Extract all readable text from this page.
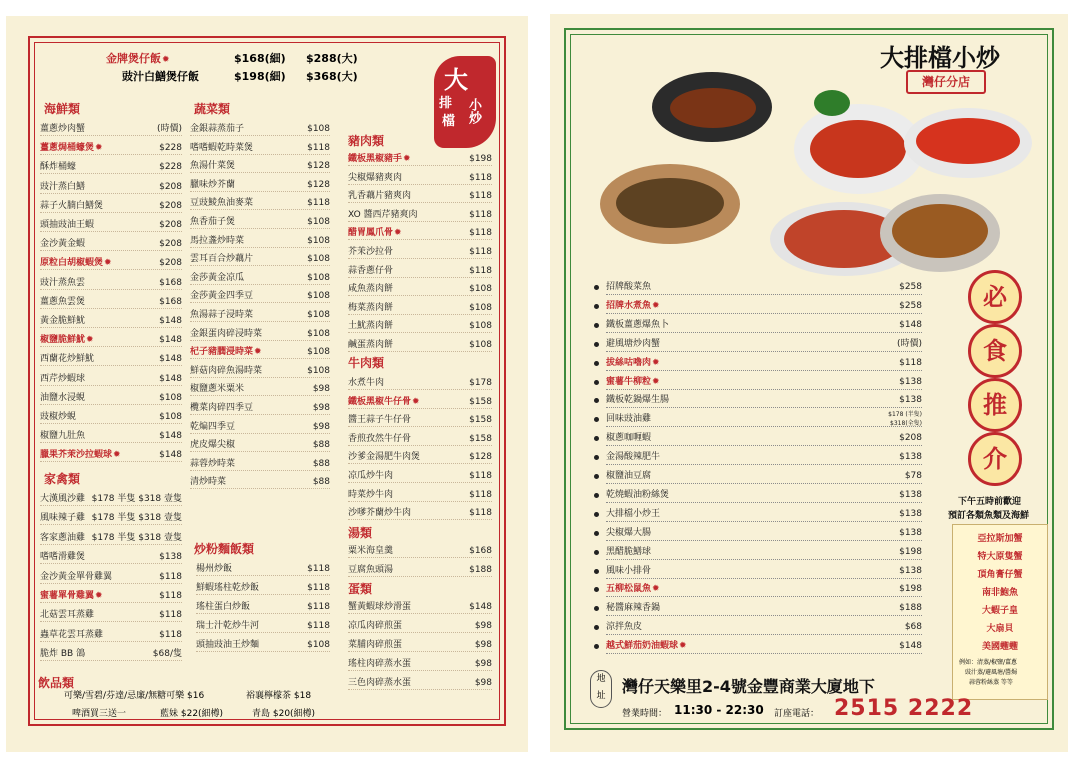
金牌煲仔飯✹	$168(細) $288(大)
豉汁白鱔煲仔飯	$198(細) $368(大)	大
排
檔 小炒
海鮮類
薑蔥炒肉蟹	(時價)
薑蔥焗桶蠔煲✹	$228
酥炸桶蠔	$228
豉汁蒸白鱔	$208
蒜子火腩白鱔煲	$208
頭抽豉油王蝦	$208
金沙黃金蝦	$208
原粒白胡椒蝦煲✹	$208
豉汁蒸魚雲	$168
薑蔥魚雲煲	$168
黃金脆鮮魷	$148
椒鹽脆鮮魷✹	$148
西蘭花炒鮮魷	$148
西芹炒蝦球	$148
油鹽水浸蜆	$108
豉椒炒蜆	$108
椒鹽九肚魚	$148
臘果芥茉沙拉蝦球✹	$148
家禽類
大漢風沙雞 $178 半隻 $318 壹隻
風味辣子雞 $178 半隻 $318 壹隻
客家蔥油雞 $178 半隻 $318 壹隻
嗜嗜滑雞煲	$138
金沙黃金單骨雞翼	$118
蜜薯單骨雞翼✹	$118
北菇雲耳蒸雞	$118
蟲草花雲耳蒸雞	$118
脆炸 BB 鴿	$68/隻
飲品類
可樂/雪碧/芬達/忌廉/無糖可樂 $16	裕襄檸檬茶 $18
啤酒買三送一	藍妹 $22(細樽)	青島 $20(細樽)
蔬菜類
金銀蒜蒸茄子	$108
嗜嗜蝦乾時菜煲	$118
魚湯什菜煲	$128
臘味炒芥蘭	$128
豆豉鯪魚油麥菜	$118
魚香茄子煲	$108
馬拉盞炒時菜	$108
雲耳百合炒藕片	$108
金莎黃金凉瓜	$108
金莎黃金四季豆	$108
魚湯蒜子浸時菜	$108
金銀蛋肉碎浸時菜	$108
杞子豬膶浸時菜✹	$108
鮮菇肉碎魚湯時菜	$108
椒鹽蔥米粟米	$98
欖菜肉碎四季豆	$98
乾煸四季豆	$98
虎皮爆尖椒	$88
蒜蓉炒時菜	$88
清炒時菜	$88
炒粉麵飯類
楊州炒飯	$118
鮮蝦瑤柱乾炒飯	$118
瑤柱蛋白炒飯	$118
瑞士汁乾炒牛河	$118
頭抽豉油王炒麵	$108
豬肉類
鐵板黑椒豬手✹	$198
尖椒爆豬爽肉	$118
乳香藕片豬爽肉	$118
XO 醬西芹豬爽肉	$118
醋胃鳳爪骨✹	$118
芥茉沙拉骨	$118
蒜香蔥仔骨	$118
咸魚蒸肉餅	$108
梅菜蒸肉餅	$108
土魷蒸肉餅	$108
鹹蛋蒸肉餅	$108
牛肉類
水煮牛肉	$178
鐵板黑椒牛仔骨✹	$158
醬王蒜子牛仔骨	$158
香煎孜然牛仔骨	$158
沙爹金湯肥牛肉煲	$128
凉瓜炒牛肉	$118
時菜炒牛肉	$118
沙嗲芥蘭炒牛肉	$118
湯類
粟米海皇羹	$168
豆腐魚頭湯	$188
蛋類
蟹黃蝦球炒滑蛋	$148
凉瓜肉碎煎蛋	$98
菜脯肉碎煎蛋	$98
瑤柱肉碎蒸水蛋	$98
三色肉碎蒸水蛋	$98
大排檔小炒
灣仔分店
招牌酸菜魚	$258
招牌水煮魚✹	$258
鐵板薑蔥爆魚卜	$148
避風塘炒肉蟹	(時價)
拔絲咕嚕肉✹	$118
蜜薯牛柳粒✹	$138
鐵板乾鍋爆生腸	$138
回味豉油雞	$178 (半隻) $318(全隻)
椒蔥咖喱蝦	$208
金湯酸辣肥牛	$138
椒鹽油豆腐	$78
乾燒蝦油粉絲煲	$138
大排檔小炒王	$138
尖椒爆大腸	$138
黑醋脆鱔球	$198
風味小排骨	$138
五柳松鼠魚✹	$198
秘醬麻辣香鍋	$188
涼拌魚皮	$68
越式鮮茄奶油蝦球✹	$148
必
食
推
介
下午五時前歡迎
預訂各類魚類及海鮮
亞拉斯加蟹
特大原隻蟹
頂角膏仔蟹
南非鮑魚
大蝦子皇
大扇貝
美國蟶蟶
例如：清蒸/椒鹽/薑蔥
豉汁蒸/避風塘/醬焗
蒜蓉粉絲蒸 等等
地
址	灣仔天樂里2-4號金豐商業大廈地下
營業時間： 11:30 - 22:30 訂座電話： 2515 2222
